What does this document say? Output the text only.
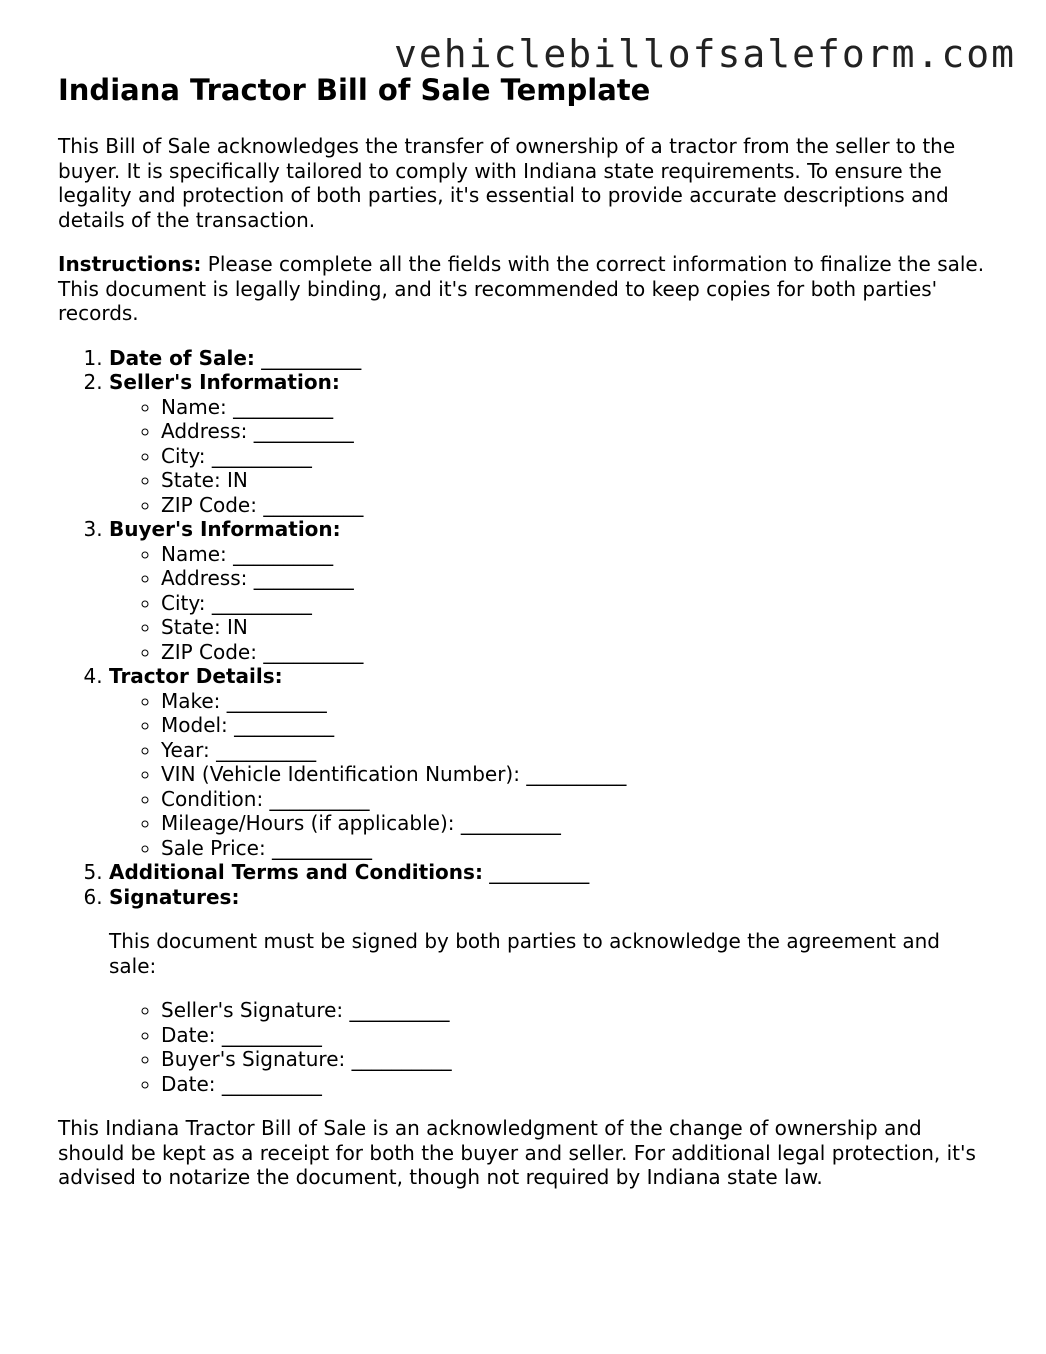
vehiclebillofsaleform.com
Indiana Tractor Bill of Sale Template

This Bill of Sale acknowledges the transfer of ownership of a tractor from the seller to the buyer. It is specifically tailored to comply with Indiana state requirements. To ensure the legality and protection of both parties, it's essential to provide accurate descriptions and details of the transaction.

Instructions: Please complete all the fields with the correct information to finalize the sale. This document is legally binding, and it's recommended to keep copies for both parties' records.

1. Date of Sale: __________
2. Seller's Information:
◦ Name: __________
◦ Address: __________
◦ City: __________
◦ State: IN
◦ ZIP Code: __________
3. Buyer's Information:
◦ Name: __________
◦ Address: __________
◦ City: __________
◦ State: IN
◦ ZIP Code: __________
4. Tractor Details:
◦ Make: __________
◦ Model: __________
◦ Year: __________
◦ VIN (Vehicle Identification Number): __________
◦ Condition: __________
◦ Mileage/Hours (if applicable): __________
◦ Sale Price: __________
5. Additional Terms and Conditions: __________
6. Signatures:

This document must be signed by both parties to acknowledge the agreement and sale:

◦ Seller's Signature: __________
◦ Date: __________
◦ Buyer's Signature: __________
◦ Date: __________

This Indiana Tractor Bill of Sale is an acknowledgment of the change of ownership and should be kept as a receipt for both the buyer and seller. For additional legal protection, it's advised to notarize the document, though not required by Indiana state law.
